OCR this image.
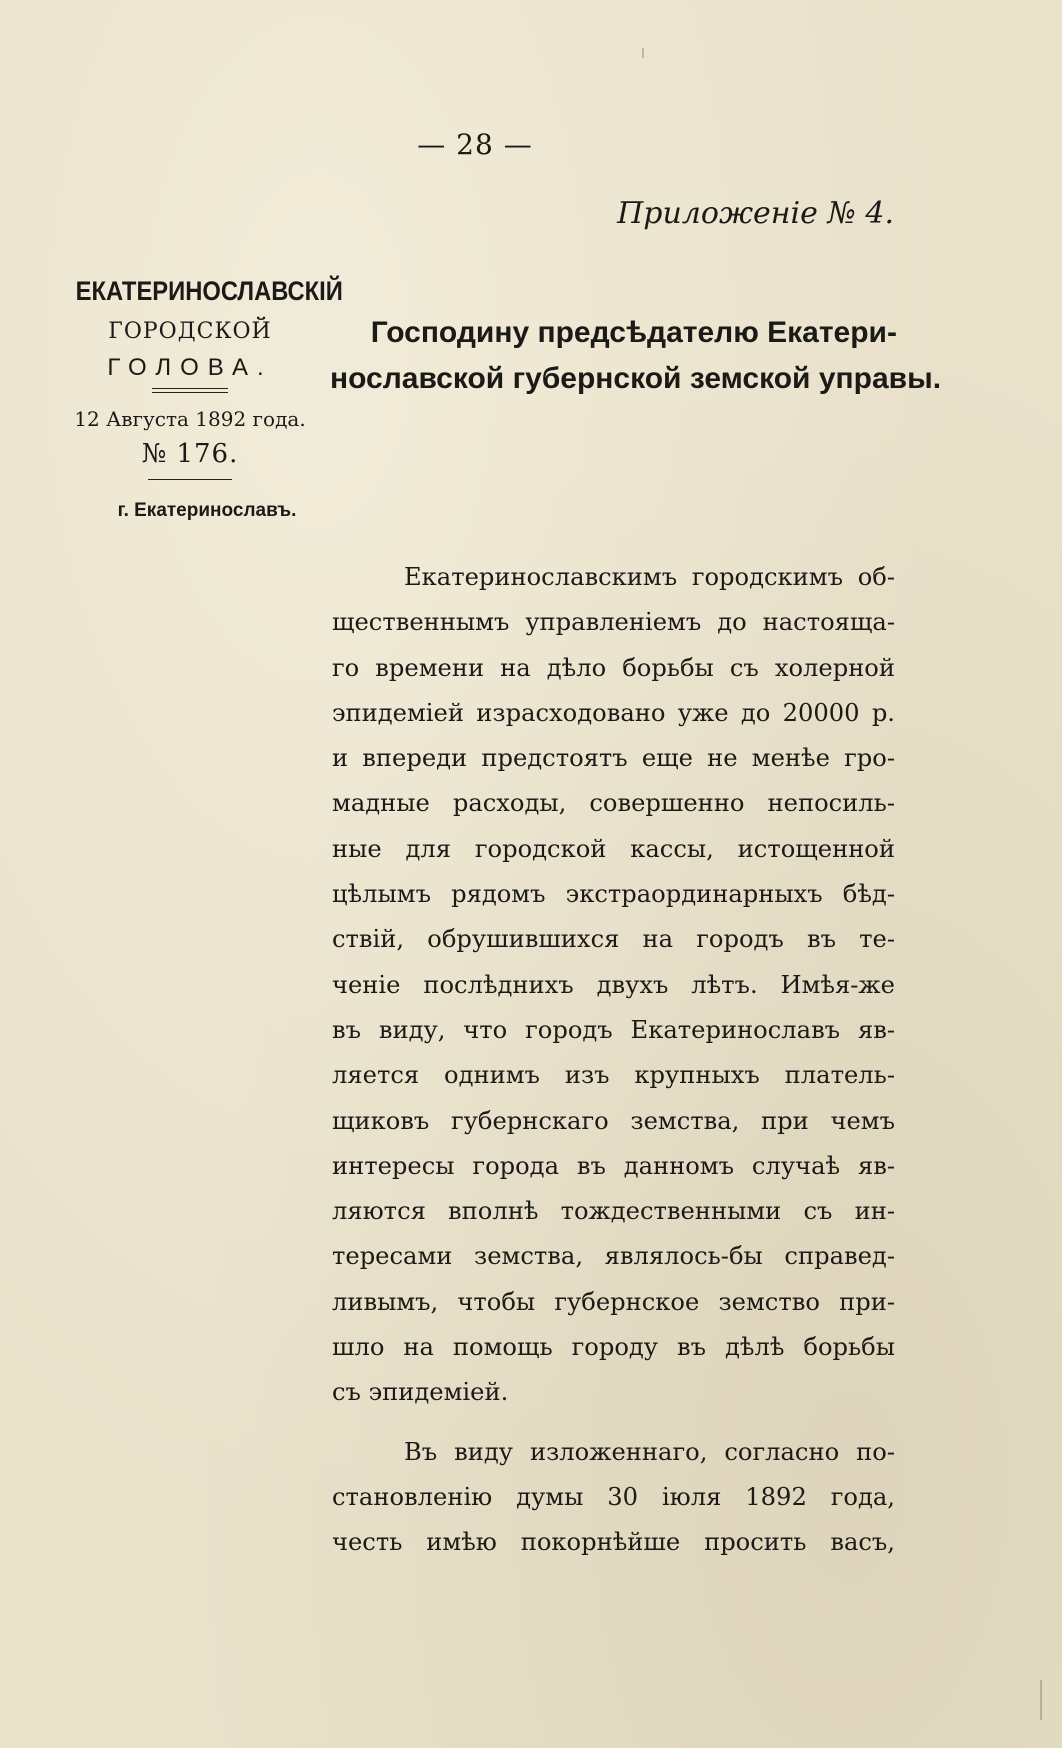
— 28 —
Приложенiе № 4.
ЕКАТЕРИНОСЛАВСКIЙ
ГОРОДСКОЙ
ГОЛОВА.
12 Августа 1892 года.
№ 176.
г. Екатеринославъ.
Господину предсѣдателю Екатери-
нославской губернской земской управы.
Екатеринославскимъ городскимъ об-
щественнымъ управленiемъ до настояща-
го времени на дѣло борьбы съ холерной
эпидемiей израсходовано уже до 20000 р.
и впереди предстоятъ еще не менѣе гро-
мадные расходы, совершенно непосиль-
ные для городской кассы, истощенной
цѣлымъ рядомъ экстраординарныхъ бѣд-
ствiй, обрушившихся на городъ въ те-
ченiе послѣднихъ двухъ лѣтъ. Имѣя-же
въ виду, что городъ Екатеринославъ яв-
ляется однимъ изъ крупныхъ платель-
щиковъ губернскаго земства, при чемъ
интересы города въ данномъ случаѣ яв-
ляются вполнѣ тождественными съ ин-
тересами земства, являлось-бы справед-
ливымъ, чтобы губернское земство при-
шло на помощь городу въ дѣлѣ борьбы
съ эпидемiей.
Въ виду изложеннаго, согласно по-
становленiю думы 30 iюля 1892 года,
честь имѣю покорнѣйше просить васъ,
